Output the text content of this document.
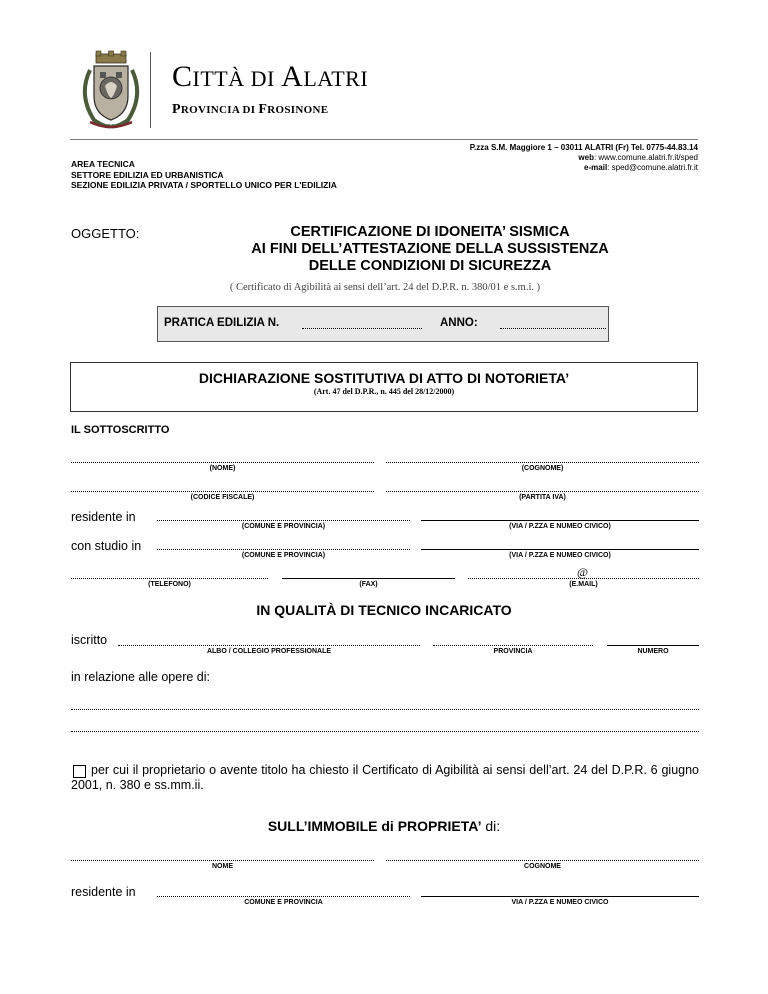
CITTÀ DI ALATRI
PROVINCIA DI FROSINONE
P.zza S.M. Maggiore 1 – 03011 ALATRI (Fr) Tel. 0775-44.83.14
web: www.comune.alatri.fr.it/sped
e-mail: sped@comune.alatri.fr.it
AREA TECNICA
SETTORE EDILIZIA ED URBANISTICA
SEZIONE EDILIZIA PRIVATA / SPORTELLO UNICO PER L'EDILIZIA
OGGETTO:	CERTIFICAZIONE DI IDONEITA’ SISMICA
AI FINI DELL’ATTESTAZIONE DELLA SUSSISTENZA
DELLE CONDIZIONI DI SICUREZZA
( Certificato di Agibilità ai sensi dell’art. 24 del D.P.R. n. 380/01 e s.m.i. )
PRATICA EDILIZIA N.	ANNO:
DICHIARAZIONE SOSTITUTIVA DI ATTO DI NOTORIETA’
(Art. 47 del D.P.R., n. 445 del 28/12/2000)
IL SOTTOSCRITTO
(NOME)	(COGNOME)
(CODICE FISCALE)	(PARTITA IVA)
residente in
(COMUNE E PROVINCIA)	(VIA / P.ZZA E NUMEO CIVICO)
con studio in
(COMUNE E PROVINCIA)	(VIA / P.ZZA E NUMEO CIVICO)
(TELEFONO)	(FAX)
@
(E.MAIL)
IN QUALITÀ DI TECNICO INCARICATO
iscritto
ALBO / COLLEGIO PROFESSIONALE	PROVINCIA	NUMERO
in relazione alle opere di:
per cui il proprietario o avente titolo ha chiesto il Certificato di Agibilità ai sensi dell’art. 24 del D.P.R. 6 giugno 2001, n. 380 e ss.mm.ii.
SULL’IMMOBILE di PROPRIETA’ di:
NOME	COGNOME
residente in
COMUNE E PROVINCIA	VIA / P.ZZA E NUMEO CIVICO
